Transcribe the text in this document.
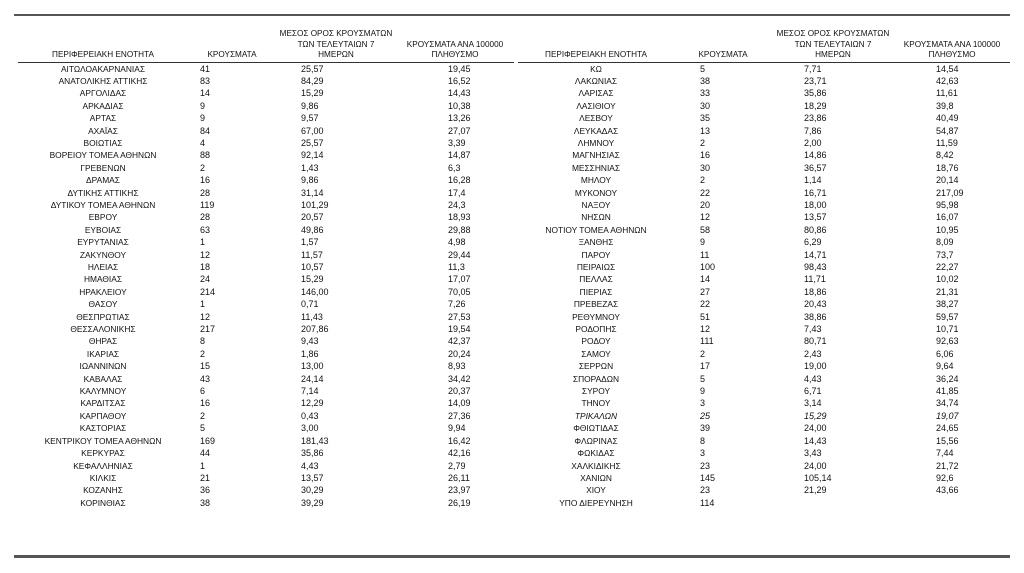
ΠΕΡΙΦΕΡΕΙΑΚΗ ΕΝΟΤΗΤΑ	ΚΡΟΥΣΜΑΤΑ	ΜΕΣΟΣ ΟΡΟΣ ΚΡΟΥΣΜΑΤΩΝ
ΤΩΝ ΤΕΛΕΥΤΑΙΩΝ 7
ΗΜΕΡΩΝ	ΚΡΟΥΣΜΑΤΑ ΑΝΑ 100000
ΠΛΗΘΥΣΜΟ
ΑΙΤΩΛΟΑΚΑΡΝΑΝΙΑΣ	41	25,57	19,45
ΑΝΑΤΟΛΙΚΗΣ ΑΤΤΙΚΗΣ	83	84,29	16,52
ΑΡΓΟΛΙΔΑΣ	14	15,29	14,43
ΑΡΚΑΔΙΑΣ	9	9,86	10,38
ΑΡΤΑΣ	9	9,57	13,26
ΑΧΑΪΑΣ	84	67,00	27,07
ΒΟΙΩΤΙΑΣ	4	25,57	3,39
ΒΟΡΕΙΟΥ ΤΟΜΕΑ ΑΘΗΝΩΝ	88	92,14	14,87
ΓΡΕΒΕΝΩΝ	2	1,43	6,3
ΔΡΑΜΑΣ	16	9,86	16,28
ΔΥΤΙΚΗΣ ΑΤΤΙΚΗΣ	28	31,14	17,4
ΔΥΤΙΚΟΥ ΤΟΜΕΑ ΑΘΗΝΩΝ	119	101,29	24,3
ΕΒΡΟΥ	28	20,57	18,93
ΕΥΒΟΙΑΣ	63	49,86	29,88
ΕΥΡΥΤΑΝΙΑΣ	1	1,57	4,98
ΖΑΚΥΝΘΟΥ	12	11,57	29,44
ΗΛΕΙΑΣ	18	10,57	11,3
ΗΜΑΘΙΑΣ	24	15,29	17,07
ΗΡΑΚΛΕΙΟΥ	214	146,00	70,05
ΘΑΣΟΥ	1	0,71	7,26
ΘΕΣΠΡΩΤΙΑΣ	12	11,43	27,53
ΘΕΣΣΑΛΟΝΙΚΗΣ	217	207,86	19,54
ΘΗΡΑΣ	8	9,43	42,37
ΙΚΑΡΙΑΣ	2	1,86	20,24
ΙΩΑΝΝΙΝΩΝ	15	13,00	8,93
ΚΑΒΑΛΑΣ	43	24,14	34,42
ΚΑΛΥΜΝΟΥ	6	7,14	20,37
ΚΑΡΔΙΤΣΑΣ	16	12,29	14,09
ΚΑΡΠΑΘΟΥ	2	0,43	27,36
ΚΑΣΤΟΡΙΑΣ	5	3,00	9,94
ΚΕΝΤΡΙΚΟΥ ΤΟΜΕΑ ΑΘΗΝΩΝ	169	181,43	16,42
ΚΕΡΚΥΡΑΣ	44	35,86	42,16
ΚΕΦΑΛΛΗΝΙΑΣ	1	4,43	2,79
ΚΙΛΚΙΣ	21	13,57	26,11
ΚΟΖΑΝΗΣ	36	30,29	23,97
ΚΟΡΙΝΘΙΑΣ	38	39,29	26,19
ΠΕΡΙΦΕΡΕΙΑΚΗ ΕΝΟΤΗΤΑ	ΚΡΟΥΣΜΑΤΑ	ΜΕΣΟΣ ΟΡΟΣ ΚΡΟΥΣΜΑΤΩΝ
ΤΩΝ ΤΕΛΕΥΤΑΙΩΝ 7
ΗΜΕΡΩΝ	ΚΡΟΥΣΜΑΤΑ ΑΝΑ 100000
ΠΛΗΘΥΣΜΟ
ΚΩ	5	7,71	14,54
ΛΑΚΩΝΙΑΣ	38	23,71	42,63
ΛΑΡΙΣΑΣ	33	35,86	11,61
ΛΑΣΙΘΙΟΥ	30	18,29	39,8
ΛΕΣΒΟΥ	35	23,86	40,49
ΛΕΥΚΑΔΑΣ	13	7,86	54,87
ΛΗΜΝΟΥ	2	2,00	11,59
ΜΑΓΝΗΣΙΑΣ	16	14,86	8,42
ΜΕΣΣΗΝΙΑΣ	30	36,57	18,76
ΜΗΛΟΥ	2	1,14	20,14
ΜΥΚΟΝΟΥ	22	16,71	217,09
ΝΑΞΟΥ	20	18,00	95,98
ΝΗΣΩΝ	12	13,57	16,07
ΝΟΤΙΟΥ ΤΟΜΕΑ ΑΘΗΝΩΝ	58	80,86	10,95
ΞΑΝΘΗΣ	9	6,29	8,09
ΠΑΡΟΥ	11	14,71	73,7
ΠΕΙΡΑΙΩΣ	100	98,43	22,27
ΠΕΛΛΑΣ	14	11,71	10,02
ΠΙΕΡΙΑΣ	27	18,86	21,31
ΠΡΕΒΕΖΑΣ	22	20,43	38,27
ΡΕΘΥΜΝΟΥ	51	38,86	59,57
ΡΟΔΟΠΗΣ	12	7,43	10,71
ΡΟΔΟΥ	111	80,71	92,63
ΣΑΜΟΥ	2	2,43	6,06
ΣΕΡΡΩΝ	17	19,00	9,64
ΣΠΟΡΑΔΩΝ	5	4,43	36,24
ΣΥΡΟΥ	9	6,71	41,85
ΤΗΝΟΥ	3	3,14	34,74
ΤΡΙΚΑΛΩΝ	25	15,29	19,07
ΦΘΙΩΤΙΔΑΣ	39	24,00	24,65
ΦΛΩΡΙΝΑΣ	8	14,43	15,56
ΦΩΚΙΔΑΣ	3	3,43	7,44
ΧΑΛΚΙΔΙΚΗΣ	23	24,00	21,72
ΧΑΝΙΩΝ	145	105,14	92,6
ΧΙΟΥ	23	21,29	43,66
ΥΠΟ ΔΙΕΡΕΥΝΗΣΗ	114		
